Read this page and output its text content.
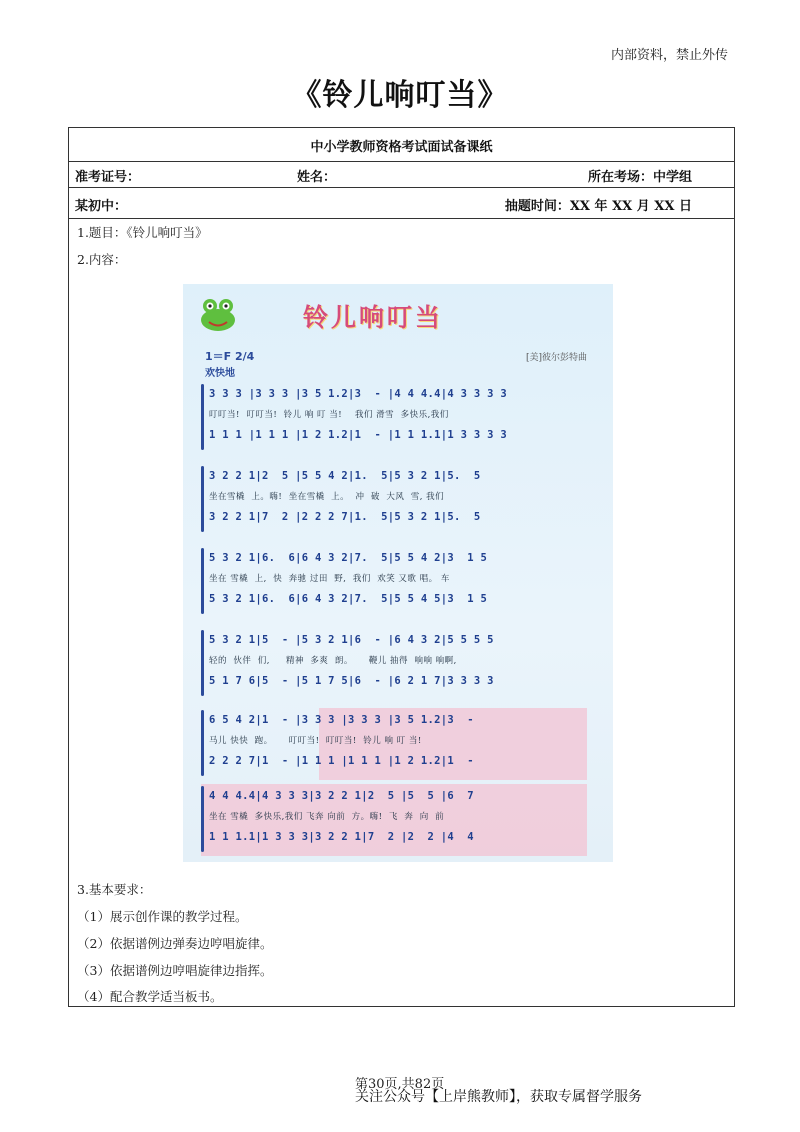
内部资料，禁止外传
《铃儿响叮当》
中小学教师资格考试面试备课纸
准考证号：	姓名：	所在考场：中学组
某初中：	抽题时间：XX 年 XX 月 XX 日
1.题目：《铃儿响叮当》
2.内容：
3.基本要求：
（1）展示创作课的教学过程。
（2）依据谱例边弹奏边哼唱旋律。
（3）依据谱例边哼唱旋律边指挥。
（4）配合教学适当板书。
铃儿响叮当
1＝F 2/4
欢快地
[美]彼尔彭特曲
3 3 3 |3 3 3 |3 5 1.2|3  - |4 4 4.4|4 3 3 3 3
叮叮当!  叮叮当!  铃儿 响 叮 当!    我们 滑雪  多快乐,我们
1 1 1 |1 1 1 |1 2 1.2|1  - |1 1 1.1|1 3 3 3 3
3 2 2 1|2  5 |5 5 4 2|1.  5|5 3 2 1|5.  5
坐在雪橇  上。嗨!  坐在雪橇  上。  冲  破  大风  雪, 我们
3 2 2 1|7  2 |2 2 2 7|1.  5|5 3 2 1|5.  5
5 3 2 1|6.  6|6 4 3 2|7.  5|5 5 4 2|3  1 5
坐在 雪橇  上,  快  奔驰 过田  野,  我们  欢笑 又歌 唱。 车
5 3 2 1|6.  6|6 4 3 2|7.  5|5 5 4 5|3  1 5
5 3 2 1|5  - |5 3 2 1|6  - |6 4 3 2|5 5 5 5
轻的  伙伴  们,     精神  多爽  朗。     鞭儿 抽得  响响 响啊,
5 1 7 6|5  - |5 1 7 5|6  - |6 2 1 7|3 3 3 3
6 5 4 2|1  - |3 3 3 |3 3 3 |3 5 1.2|3  -
马儿 快快  跑。     叮叮当!  叮叮当!  铃儿 响 叮 当!
2 2 2 7|1  - |1 1 1 |1 1 1 |1 2 1.2|1  -
4 4 4.4|4 3 3 3|3 2 2 1|2  5 |5  5 |6  7
坐在 雪橇  多快乐,我们 飞奔 向前  方。嗨!  飞  奔  向  前
1 1 1.1|1 3 3 3|3 2 2 1|7  2 |2  2 |4  4
第30页,共82页
关注公众号【上岸熊教师】，获取专属督学服务
